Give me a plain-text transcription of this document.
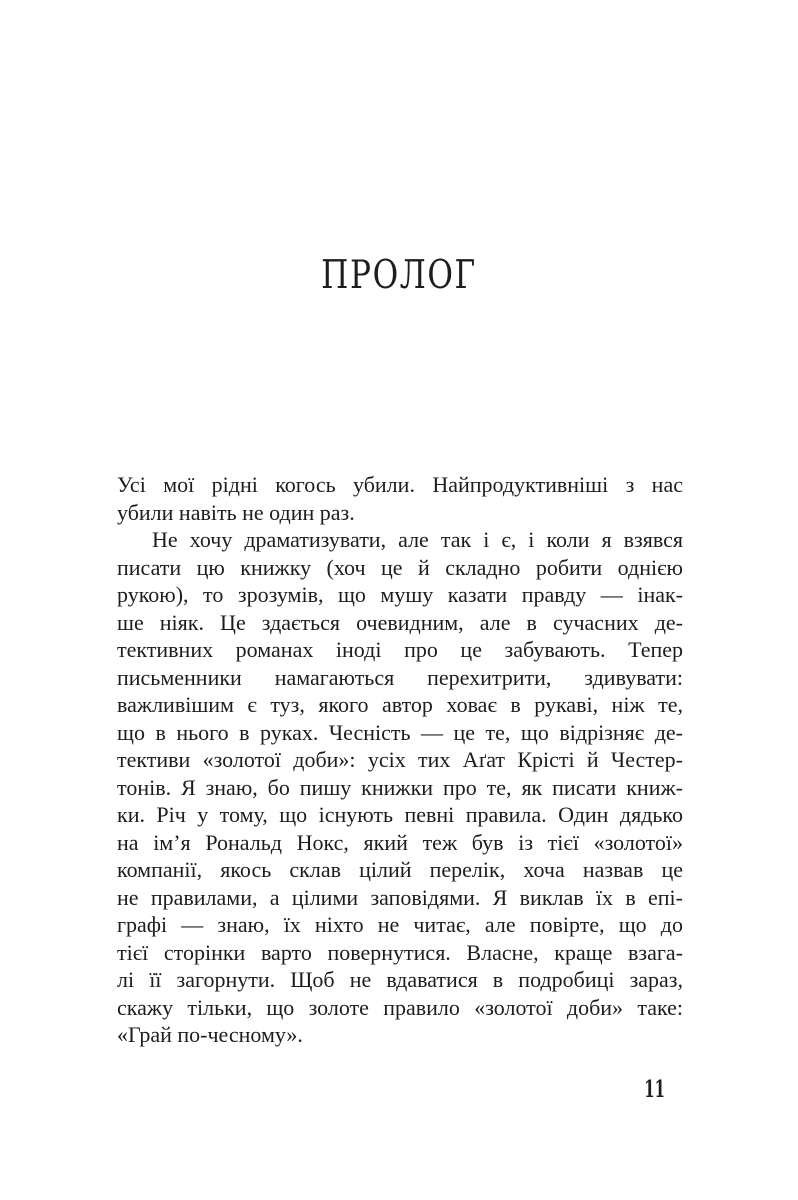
ПРОЛОГ
Усі мої рідні когось убили. Найпродуктивніші з нас
убили навіть не один раз.
Не хочу драматизувати, але так і є, і коли я взявся
писати цю книжку (хоч це й складно робити однією
рукою), то зрозумів, що мушу казати правду — інак-
ше ніяк. Це здається очевидним, але в сучасних де-
тективних романах іноді про це забувають. Тепер
письменники намагаються перехитрити, здивувати:
важливішим є туз, якого автор ховає в рукаві, ніж те,
що в нього в руках. Чесність — це те, що відрізняє де-
тективи «золотої доби»: усіх тих Аґат Крісті й Честер-
тонів. Я знаю, бо пишу книжки про те, як писати книж-
ки. Річ у тому, що існують певні правила. Один дядько
на ім’я Рональд Нокс, який теж був із тієї «золотої»
компанії, якось склав цілий перелік, хоча назвав це
не правилами, а цілими заповідями. Я виклав їх в епі-
графі — знаю, їх ніхто не читає, але повірте, що до
тієї сторінки варто повернутися. Власне, краще взага-
лі її загорнути. Щоб не вдаватися в подробиці зараз,
скажу тільки, що золоте правило «золотої доби» таке:
«Грай по-чесному».
11
